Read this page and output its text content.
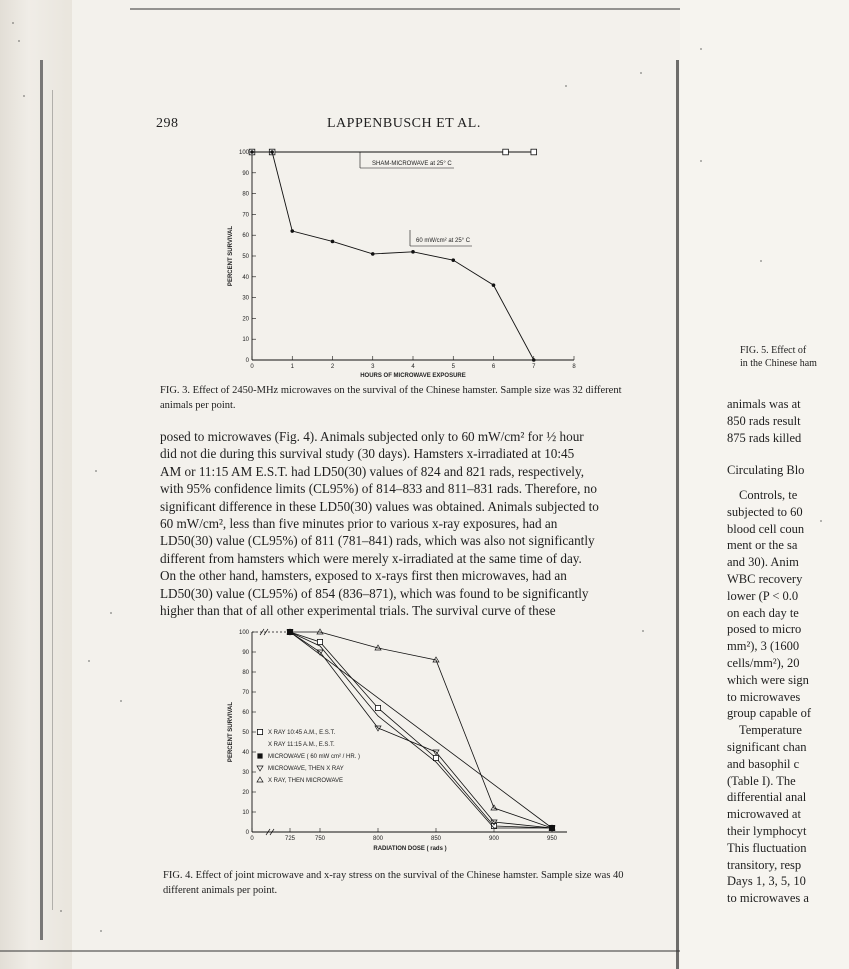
298	LAPPENBUSCH ET AL.
0
10
20
30
40
50
60
70
80
90
100
0	1	2	3	4	5	6	7	8
HOURS OF MICROWAVE EXPOSURE
PERCENT SURVIVAL
SHAM-MICROWAVE at 25° C
60 mW/cm² at 25° C
FIG. 3. Effect of 2450-MHz microwaves on the survival of the Chinese hamster. Sample size was 32 different animals per point.

posed to microwaves (Fig. 4). Animals subjected only to 60 mW/cm² for ½ hour

did not die during this survival study (30 days). Hamsters x-irradiated at 10:45

AM or 11:15 AM E.S.T. had LD50(30) values of 824 and 821 rads, respectively,

with 95% confidence limits (CL95%) of 814–833 and 811–831 rads. Therefore, no

significant difference in these LD50(30) values was obtained. Animals subjected to

60 mW/cm², less than five minutes prior to various x-ray exposures, had an

LD50(30) value (CL95%) of 811 (781–841) rads, which was also not significantly

different from hamsters which were merely x-irradiated at the same time of day.

On the other hand, hamsters, exposed to x-rays first then microwaves, had an

LD50(30) value (CL95%) of 854 (836–871), which was found to be significantly

higher than that of all other experimental trials. The survival curve of these

0
10
20
30
40
50
60
70
80
90
100
0	725	750	800	850	900	950
RADIATION DOSE ( rads )
PERCENT SURVIVAL	X RAY 10:45 A.M., E.S.T.
X RAY 11:15 A.M., E.S.T.
MICROWAVE ( 60 mW cm² / HR. )
MICROWAVE, THEN X RAY
X RAY, THEN MICROWAVE
FIG. 4. Effect of joint microwave and x-ray stress on the survival of the Chinese hamster. Sample size was 40 different animals per point.
FIG. 5. Effect of
in the Chinese ham
animals was at
850 rads result
875 rads killed
Circulating Blo
Controls, te
subjected to 60
blood cell coun
ment or the sa
and 30). Anim
WBC recovery
lower (P < 0.0
on each day te
posed to micro
mm²), 3 (1600
cells/mm²), 20
which were sign
to microwaves
group capable of
Temperature
significant chan
and basophil c
(Table I). The
differential anal
microwaved at
their lymphocyt
This fluctuation
transitory, resp
Days 1, 3, 5, 10
to microwaves a
